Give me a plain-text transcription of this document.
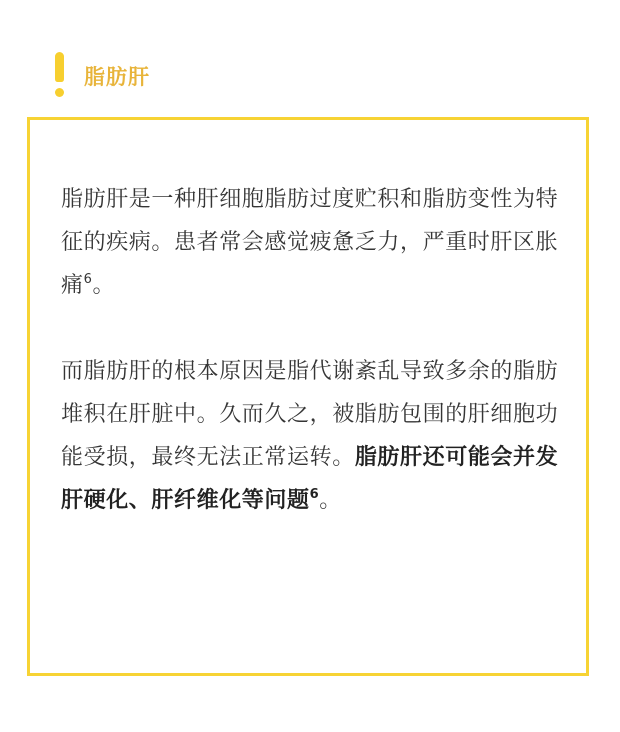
脂肪肝

脂肪肝是一种肝细胞脂肪过度贮积和脂肪变性为特征的疾病。患者常会感觉疲惫乏力，严重时肝区胀痛$^6$。

而脂肪肝的根本原因是脂代谢紊乱导致多余的脂肪堆积在肝脏中。久而久之，被脂肪包围的肝细胞功能受损，最终无法正常运转。脂肪肝还可能会并发肝硬化、肝纤维化等问题$^6$。
